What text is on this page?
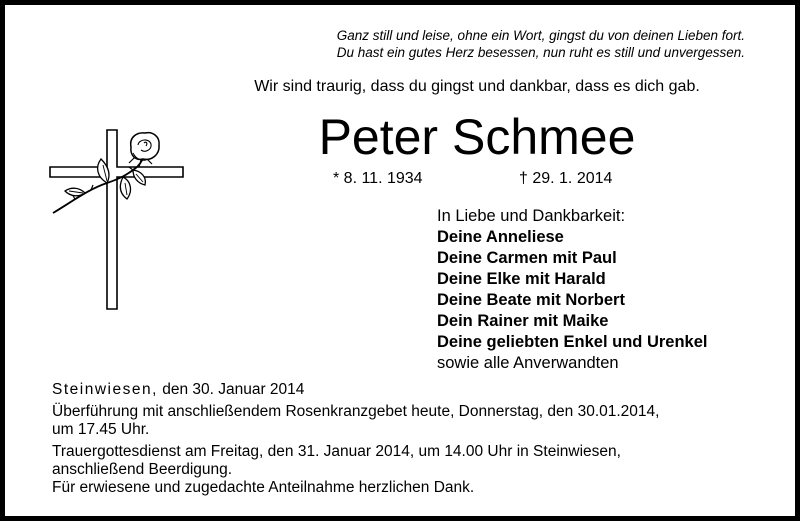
Ganz still und leise, ohne ein Wort, gingst du von deinen Lieben fort.
Du hast ein gutes Herz besessen, nun ruht es still und unvergessen.
Wir sind traurig, dass du gingst und dankbar, dass es dich gab.
Peter Schmee
* 8. 11. 1934	† 29. 1. 2014
In Liebe und Dankbarkeit:
Deine Anneliese
Deine Carmen mit Paul
Deine Elke mit Harald
Deine Beate mit Norbert
Dein Rainer mit Maike
Deine geliebten Enkel und Urenkel
sowie alle Anverwandten

Steinwiesen, den 30. Januar 2014

Überführung mit anschließendem Rosenkranzgebet heute, Donnerstag, den 30.01.2014,

um 17.45 Uhr.

Trauergottesdienst am Freitag, den 31. Januar 2014, um 14.00 Uhr in Steinwiesen,

anschließend Beerdigung.

Für erwiesene und zugedachte Anteilnahme herzlichen Dank.
